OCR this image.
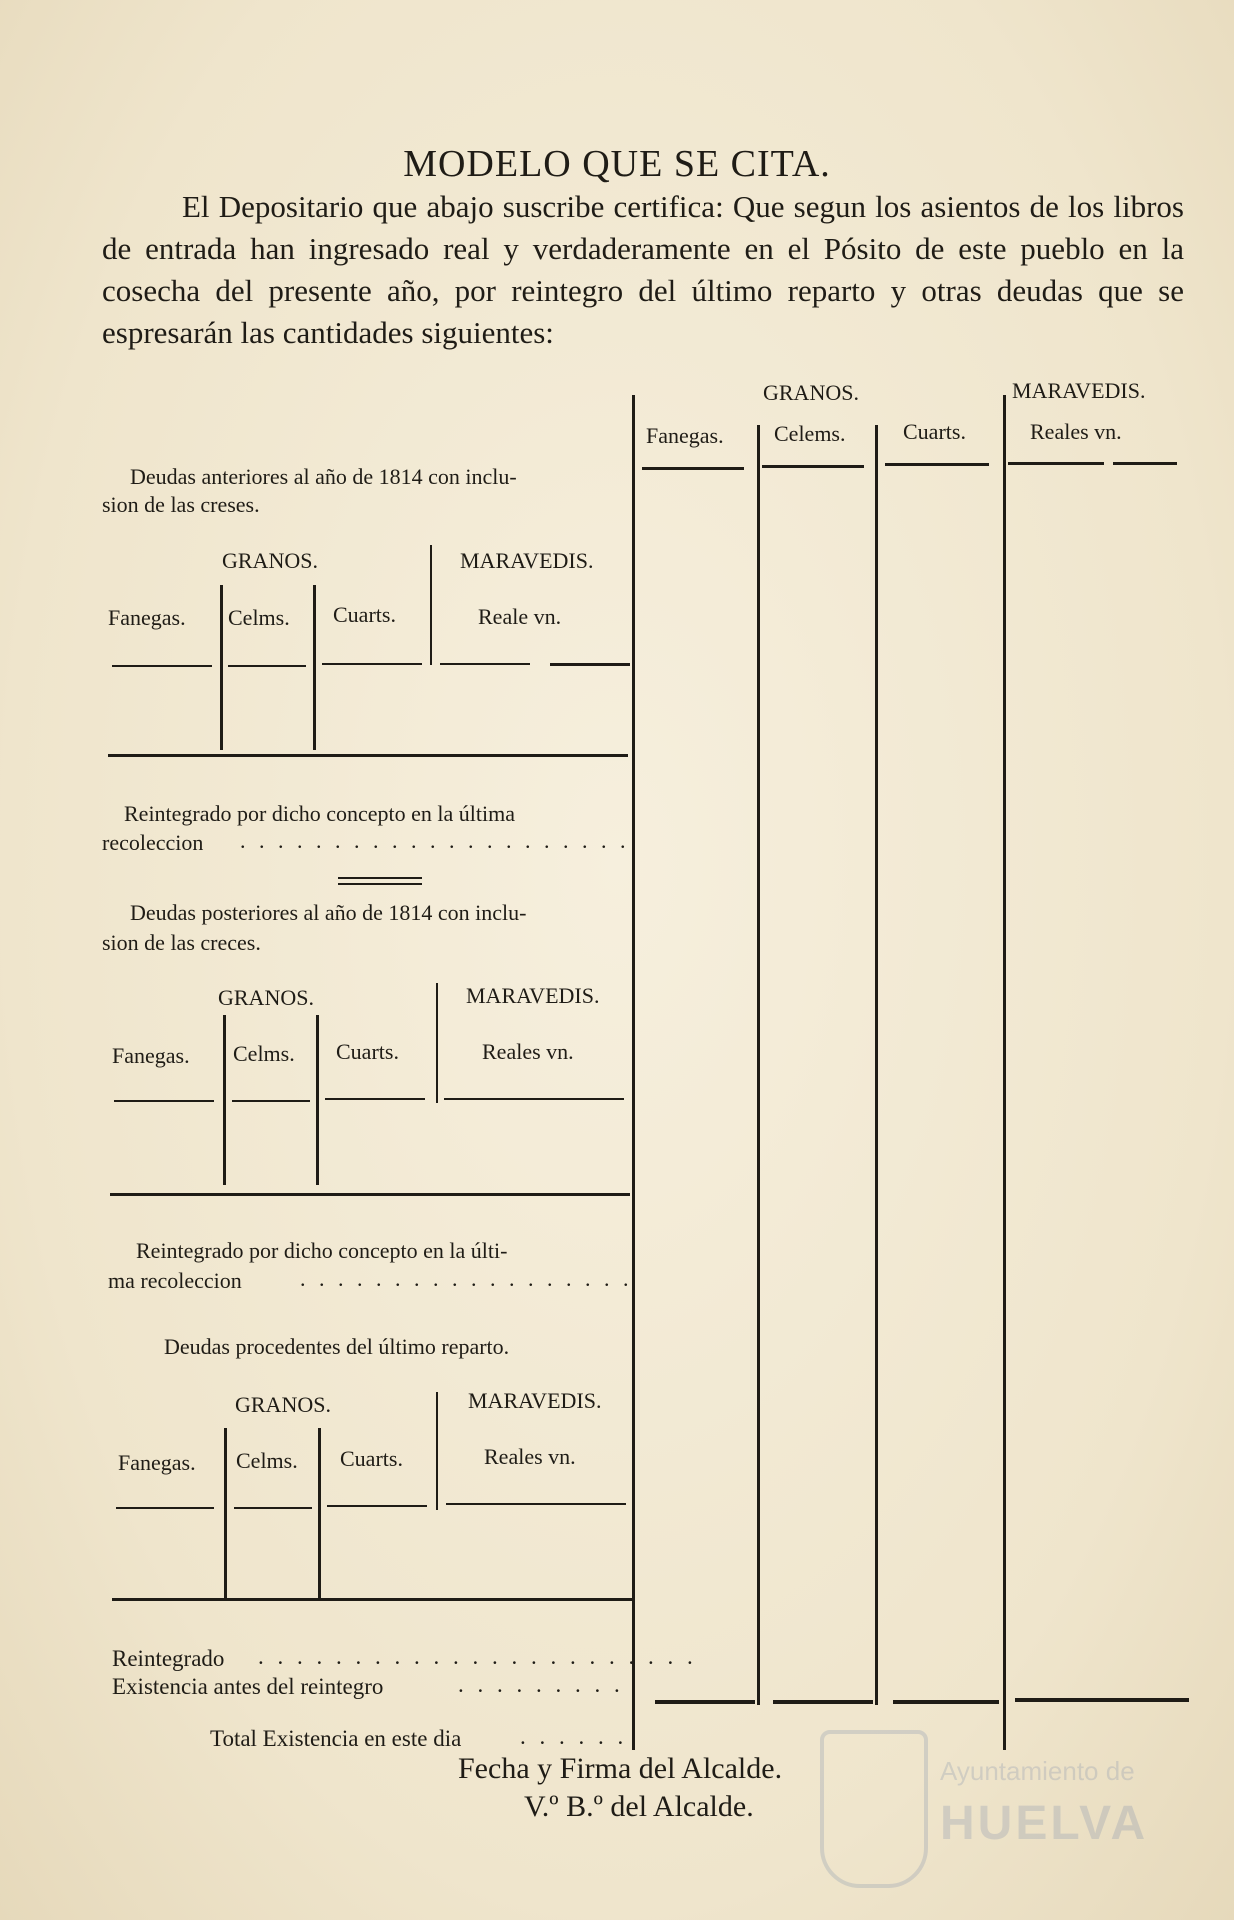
MODELO QUE SE CITA.
El Depositario que abajo suscribe certifica: Que segun los asientos de los libros de entrada han ingresado real y verdaderamente en el Pósito de este pueblo en la cosecha del presente año, por reintegro del último reparto y otras deudas que se espresarán las cantidades siguientes:
GRANOS.	MARAVEDIS.
Fanegas. Celems.	Cuarts.	Reales vn.
Deudas anteriores al año de 1814 con inclu-
sion de las creses.
GRANOS.	MARAVEDIS.
Fanegas. Celms. Cuarts.	Reale vn.
Reintegrado por dicho concepto en la última
recoleccion . . . . . . . . . . . . . . . . . . . . .
Deudas posteriores al año de 1814 con inclu-
sion de las creces.
GRANOS.	MARAVEDIS.
Fanegas. Celms. Cuarts.	Reales vn.
Reintegrado por dicho concepto en la últi-
ma recoleccion	. . . . . . . . . . . . . . . . . .
Deudas procedentes del último reparto.
GRANOS.	MARAVEDIS.
Fanegas. Celms. Cuarts.	Reales vn.
Reintegrado . . . . . . . . . . . . . . . . . . . . . . .
Existencia antes del reintegro	. . . . . . . . .
Total Existencia en este dia	. . . . . .
Fecha y Firma del Alcalde.
V.º B.º del Alcalde.
Ayuntamiento de
HUELVA
